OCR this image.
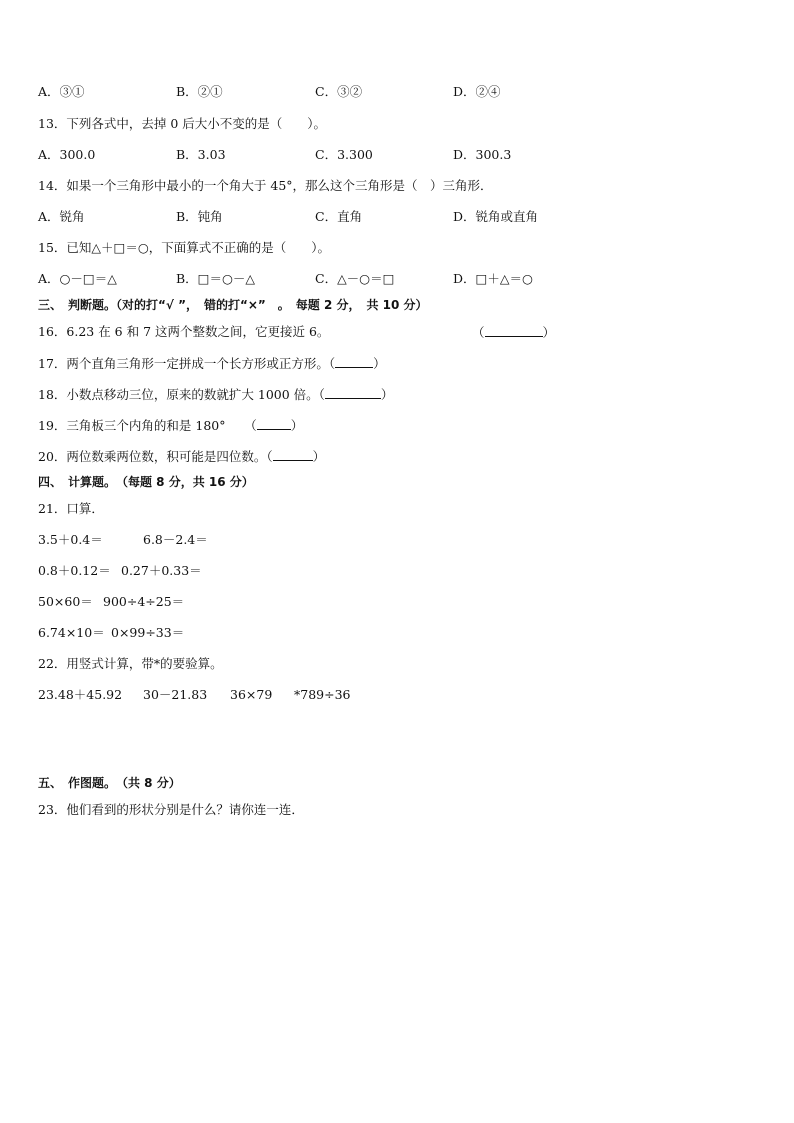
A．③①	B．②①	C．③②	D．②④
13．下列各式中，去掉 0 后大小不变的是（　　）。
A．300.0	B．3.03	C．3.300	D．300.3
14．如果一个三角形中最小的一个角大于 45°，那么这个三角形是（　）三角形．
A．锐角	B．钝角	C．直角	D．锐角或直角
15．已知△＋□＝○，下面算式不正确的是（　　）。
A．○－□＝△	B．□＝○－△	C．△－○＝□	D．□＋△＝○
三、　判断题。（对的打“√ ”，　错的打“×”　。　每题 2 分，　共 10 分）
16．6.23 在 6 和 7 这两个整数之间，它更接近 6。	（	）
17．两个直角三角形一定拼成一个长方形或正方形。（	）
18．小数点移动三位，原来的数就扩大 1000 倍。（	）
19．三角板三个内角的和是 180°　　（	）
20．两位数乘两位数，积可能是四位数。（	）
四、　计算题。　（每题 8 分，共 16 分）
21．口算．
3.5＋0.4＝	6.8－2.4＝
0.8＋0.12＝ 0.27＋0.33＝
50×60＝ 900÷4÷25＝
6.74×10＝ 0×99÷33＝
22．用竖式计算，带*的要验算。
23.48＋45.92 30－21.83 36×79 *789÷36
五、　作图题。　（共 8 分）
23．他们看到的形状分别是什么？请你连一连．
